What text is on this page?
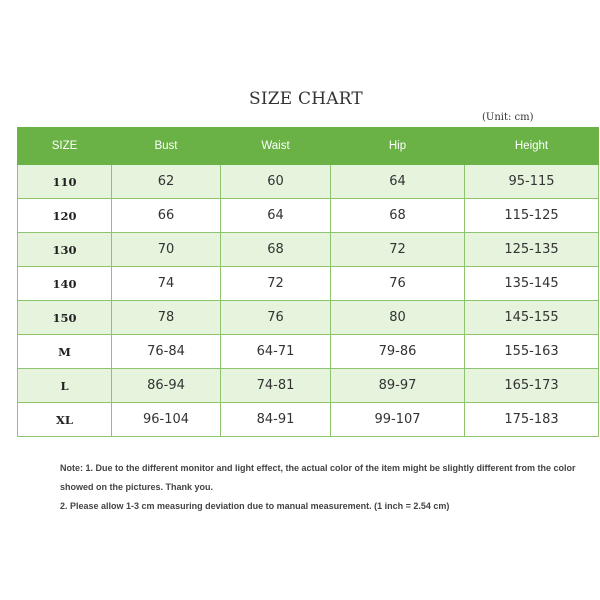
SIZE CHART
(Unit: cm)
SIZE	Bust	Waist	Hip	Height
110	62	60	64	95-115
120	66	64	68	115-125
130	70	68	72	125-135
140	74	72	76	135-145
150	78	76	80	145-155
M	76-84	64-71	79-86	155-163
L	86-94	74-81	89-97	165-173
XL	96-104	84-91	99-107	175-183

Note: 1. Due to the different monitor and light effect, the actual color of the item might be slightly different from the color

showed on the pictures. Thank you.

2. Please allow 1-3 cm measuring deviation due to manual measurement. (1 inch = 2.54 cm)
